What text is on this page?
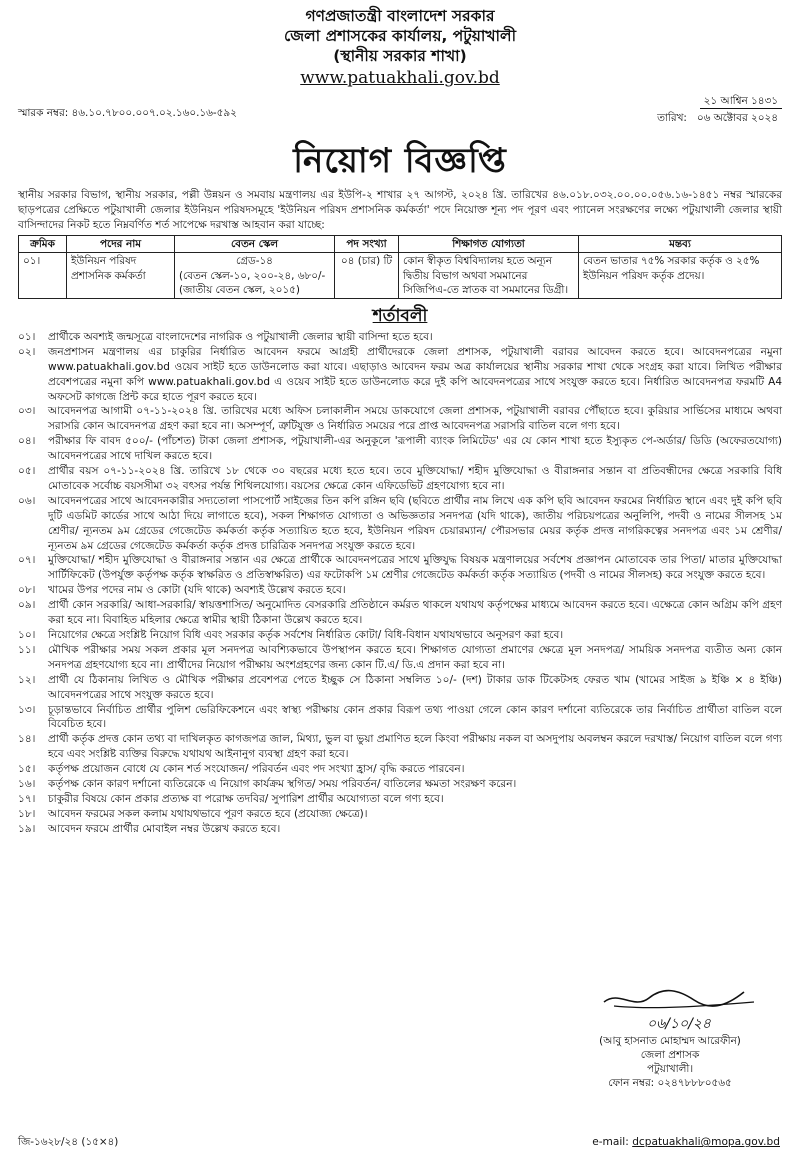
গণপ্রজাতন্ত্রী বাংলাদেশ সরকার
জেলা প্রশাসকের কার্যালয়, পটুয়াখালী
(স্থানীয় সরকার শাখা)
www.patuakhali.gov.bd
স্মারক নম্বর: ৪৬.১০.৭৮০০.০০৭.০২.১৬০.১৬-৫৯২
২১ আশ্বিন ১৪৩১
তারিখ: ০৬ অক্টোবর ২০২৪
নিয়োগ বিজ্ঞপ্তি

স্থানীয় সরকার বিভাগ, স্থানীয় সরকার, পল্লী উন্নয়ন ও সমবায় মন্ত্রণালয় এর ইউপি-২ শাখার ২৭ আগস্ট, ২০২৪ খ্রি. তারিখের ৪৬.০১৮.০৩২.০০.০০.০৫৬.১৬-১৪৫১ নম্বর স্মারকের ছাড়পত্রের প্রেক্ষিতে পটুয়াখালী জেলার ইউনিয়ন পরিষদসমূহে 'ইউনিয়ন পরিষদ প্রশাসনিক কর্মকর্তা' পদে নিয়োক্ত শূন্য পদ পূরণ এবং প্যানেল সংরক্ষণের লক্ষ্যে পটুয়াখালী জেলার স্থায়ী বাসিন্দাদের নিকট হতে নিম্নবর্ণিত শর্ত সাপেক্ষে দরখাস্ত আহবান করা যাচ্ছে:

ক্রমিক	পদের নাম	বেতন স্কেল	পদ সংখ্যা	শিক্ষাগত যোগ্যতা	মন্তব্য
০১।	ইউনিয়ন পরিষদ প্রশাসনিক কর্মকর্তা	গ্রেড-১৪
(বেতন স্কেল-১০, ২০০-২৪, ৬৮০/-
(জাতীয় বেতন স্কেল, ২০১৫)	০৪ (চার) টি	কোন স্বীকৃত বিশ্ববিদ্যালয় হতে অন্যূন দ্বিতীয় বিভাগ অথবা সমমানের সিজিপিএ-তে স্নাতক বা সমমানের ডিগ্রী।	বেতন ভাতার ৭৫% সরকার কর্তৃক ও ২৫% ইউনিয়ন পরিষদ কর্তৃক প্রদেয়।
শর্তাবলী
০১।	প্রার্থীকে অবশ্যই জন্মসূত্রে বাংলাদেশের নাগরিক ও পটুয়াখালী জেলার স্থায়ী বাসিন্দা হতে হবে।
০২।	জনপ্রশাসন মন্ত্রণালয় এর চাকুরির নির্ধারিত আবেদন ফরমে আগ্রহী প্রার্থীদেরকে জেলা প্রশাসক, পটুয়াখালী বরাবর আবেদন করতে হবে। আবেদনপত্রের নমুনা www.patuakhali.gov.bd ওয়েব সাইট হতে ডাউনলোড করা যাবে। এছাড়াও আবেদন ফরম অত্র কার্যালয়ের স্থানীয় সরকার শাখা থেকে সংগ্রহ করা যাবে। লিখিত পরীক্ষার প্রবেশপত্রের নমুনা কপি www.patuakhali.gov.bd এ ওয়েব সাইট হতে ডাউনলোড করে দুই কপি আবেদনপত্রের সাথে সংযুক্ত করতে হবে। নির্ধারিত আবেদনপত্র ফরমটি A4 অফসেট কাগজে প্রিন্ট করে হাতে পূরণ করতে হবে।
০৩।	আবেদনপত্র আগামী ০৭-১১-২০২৪ খ্রি. তারিখের মধ্যে অফিস চলাকালীন সময়ে ডাকযোগে জেলা প্রশাসক, পটুয়াখালী বরাবর পৌঁছাতে হবে। কুরিয়ার সার্ভিসের মাধ্যমে অথবা সরাসরি কোন আবেদনপত্র গ্রহণ করা হবে না। অসম্পূর্ণ, ত্রুটিযুক্ত ও নির্ধারিত সময়ের পরে প্রাপ্ত আবেদনপত্র সরাসরি বাতিল বলে গণ্য হবে।
০৪।	পরীক্ষার ফি বাবদ ৫০০/- (পাঁচশত) টাকা জেলা প্রশাসক, পটুয়াখালী-এর অনুকূলে 'রূপালী ব্যাংক লিমিটেড' এর যে কোন শাখা হতে ইস্যুকৃত পে-অর্ডার/ ডিডি (অফেরতযোগ্য) আবেদনপত্রের সাথে দাখিল করতে হবে।
০৫।	প্রার্থীর বয়স ০৭-১১-২০২৪ খ্রি. তারিখে ১৮ থেকে ৩০ বছরের মধ্যে হতে হবে। তবে মুক্তিযোদ্ধা/ শহীদ মুক্তিযোদ্ধা ও বীরাঙ্গনার সন্তান বা প্রতিবন্ধীদের ক্ষেত্রে সরকারি বিধি মোতাবেক সর্বোচ্চ বয়সসীমা ৩২ বৎসর পর্যন্ত শিথিলযোগ্য। বয়সের ক্ষেত্রে কোন এফিডেভিট গ্রহণযোগ্য হবে না।
০৬।	আবেদনপত্রের সাথে আবেদনকারীর সদ্যতোলা পাসপোর্ট সাইজের তিন কপি রঙ্গিন ছবি (ছবিতে প্রার্থীর নাম লিখে এক কপি ছবি আবেদন ফরমের নির্ধারিত স্থানে এবং দুই কপি ছবি দুটি এডমিট কার্ডের সাথে আঠা দিয়ে লাগাতে হবে), সকল শিক্ষাগত যোগ্যতা ও অভিজ্ঞতার সনদপত্র (যদি থাকে), জাতীয় পরিচয়পত্রের অনুলিপি, পদবী ও নামের সীলসহ ১ম শ্রেণীর/ ন্যূনতম ৯ম গ্রেডের গেজেটেড কর্মকর্তা কর্তৃক সত্যায়িত হতে হবে, ইউনিয়ন পরিষদ চেয়ারম্যান/ পৌরসভার মেয়র কর্তৃক প্রদত্ত নাগরিকত্বের সনদপত্র এবং ১ম শ্রেণীর/ ন্যূনতম ৯ম গ্রেডের গেজেটেড কর্মকর্তা কর্তৃক প্রদত্ত চারিত্রিক সনদপত্র সংযুক্ত করতে হবে।
০৭।	মুক্তিযোদ্ধা/ শহীদ মুক্তিযোদ্ধা ও বীরাঙ্গনার সন্তান এর ক্ষেত্রে প্রার্থীকে আবেদনপত্রের সাথে মুক্তিযুদ্ধ বিষয়ক মন্ত্রণালয়ের সর্বশেষ প্রজ্ঞাপন মোতাবেক তার পিতা/ মাতার মুক্তিযোদ্ধা সার্টিফিকেট (উপর্যুক্ত কর্তৃপক্ষ কর্তৃক স্বাক্ষরিত ও প্রতিস্বাক্ষরিত) এর ফটোকপি ১ম শ্রেণীর গেজেটেড কর্মকর্তা কর্তৃক সত্যায়িত (পদবী ও নামের সীলসহ) করে সংযুক্ত করতে হবে।
০৮।	খামের উপর পদের নাম ও কোটা (যদি থাকে) অবশ্যই উল্লেখ করতে হবে।
০৯।	প্রার্থী কোন সরকারি/ আধা-সরকারি/ স্বায়ত্তশাসিত/ অনুমোদিত বেসরকারি প্রতিষ্ঠানে কর্মরত থাকলে যথাযথ কর্তৃপক্ষের মাধ্যমে আবেদন করতে হবে। এক্ষেত্রে কোন অগ্রিম কপি গ্রহণ করা হবে না। বিবাহিত মহিলার ক্ষেত্রে স্বামীর স্থায়ী ঠিকানা উল্লেখ করতে হবে।
১০।	নিয়োগের ক্ষেত্রে সংশ্লিষ্ট নিয়োগ বিধি এবং সরকার কর্তৃক সর্বশেষ নির্ধারিত কোটা/ বিধি-বিধান যথাযথভাবে অনুসরণ করা হবে।
১১।	মৌখিক পরীক্ষার সময় সকল প্রকার মূল সনদপত্র আবশ্যিকভাবে উপস্থাপন করতে হবে। শিক্ষাগত যোগ্যতা প্রমাণের ক্ষেত্রে মূল সনদপত্র/ সাময়িক সনদপত্র ব্যতীত অন্য কোন সনদপত্র গ্রহণযোগ্য হবে না। প্রার্থীদের নিয়োগ পরীক্ষায় অংশগ্রহণের জন্য কোন টি.এ/ ডি.এ প্রদান করা হবে না।
১২।	প্রার্থী যে ঠিকানায় লিখিত ও মৌখিক পরীক্ষার প্রবেশপত্র পেতে ইচ্ছুক সে ঠিকানা সম্বলিত ১০/- (দশ) টাকার ডাক টিকেটসহ ফেরত খাম (খামের সাইজ ৯ ইঞ্চি × ৪ ইঞ্চি) আবেদনপত্রের সাথে সংযুক্ত করতে হবে।
১৩।	চূড়ান্তভাবে নির্বাচিত প্রার্থীর পুলিশ ভেরিফিকেশনে এবং স্বাস্থ্য পরীক্ষায় কোন প্রকার বিরূপ তথ্য পাওয়া গেলে কোন কারণ দর্শানো ব্যতিরেকে তার নির্বাচিত প্রার্থীতা বাতিল বলে বিবেচিত হবে।
১৪।	প্রার্থী কর্তৃক প্রদত্ত কোন তথ্য বা দাখিলকৃত কাগজপত্র জাল, মিথ্যা, ভুল বা ভুয়া প্রমাণিত হলে কিংবা পরীক্ষায় নকল বা অসদুপায় অবলম্বন করলে দরখাস্ত/ নিয়োগ বাতিল বলে গণ্য হবে এবং সংশ্লিষ্ট ব্যক্তির বিরুদ্ধে যথাযথ আইনানুগ ব্যবস্থা গ্রহণ করা হবে।
১৫।	কর্তৃপক্ষ প্রয়োজন বোধে যে কোন শর্ত সংযোজন/ পরিবর্তন এবং পদ সংখ্যা হ্রাস/ বৃদ্ধি করতে পারবেন।
১৬।	কর্তৃপক্ষ কোন কারণ দর্শানো ব্যতিরেকে এ নিয়োগ কার্যক্রম স্থগিত/ সময় পরিবর্তন/ বাতিলের ক্ষমতা সংরক্ষণ করেন।
১৭।	চাকুরীর বিষয়ে কোন প্রকার প্রত্যক্ষ বা পরোক্ষ তদবির/ সুপারিশ প্রার্থীর অযোগ্যতা বলে গণ্য হবে।
১৮।	আবেদন ফরমের সকল কলাম যথাযথভাবে পূরণ করতে হবে (প্রযোজ্য ক্ষেত্রে)।
১৯।	আবেদন ফরমে প্রার্থীর মোবাইল নম্বর উল্লেখ করতে হবে।
০৬/১০/২৪
(আবু হাসনাত মোহাম্মদ আরেফীন)
জেলা প্রশাসক
পটুয়াখালী।
ফোন নম্বর: ০২৪৭৮৮৮০৫৬৫
জি-১৬২৮/২৪ (১৫×৪)	e-mail: dcpatuakhali@mopa.gov.bd
